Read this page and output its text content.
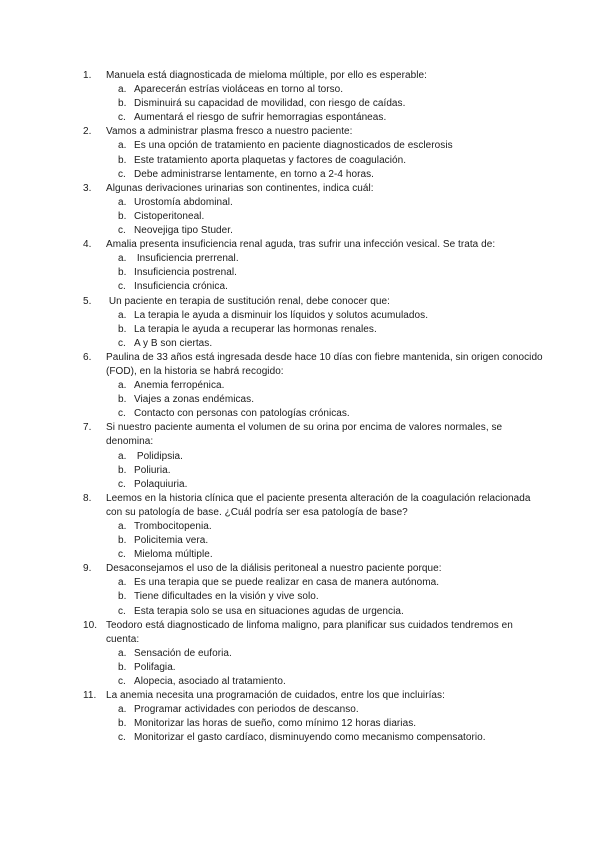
1.	Manuela está diagnosticada de mieloma múltiple, por ello es esperable:
a. Aparecerán estrías violáceas en torno al torso.
b. Disminuirá su capacidad de movilidad, con riesgo de caídas.
c. Aumentará el riesgo de sufrir hemorragias espontáneas.
2.	Vamos a administrar plasma fresco a nuestro paciente:
a. Es una opción de tratamiento en paciente diagnosticados de esclerosis
b. Este tratamiento aporta plaquetas y factores de coagulación.
c. Debe administrarse lentamente, en torno a 2-4 horas.
3.	Algunas derivaciones urinarias son continentes, indica cuál:
a. Urostomía abdominal.
b. Cistoperitoneal.
c. Neovejiga tipo Studer.
4.	Amalia presenta insuficiencia renal aguda, tras sufrir una infección vesical. Se trata de:
a. Insuficiencia prerrenal.
b. Insuficiencia postrenal.
c. Insuficiencia crónica.
5.	Un paciente en terapia de sustitución renal, debe conocer que:
a. La terapia le ayuda a disminuir los líquidos y solutos acumulados.
b. La terapia le ayuda a recuperar las hormonas renales.
c. A y B son ciertas.
6.	Paulina de 33 años está ingresada desde hace 10 días con fiebre mantenida, sin origen conocido (FOD), en la historia se habrá recogido:
a. Anemia ferropénica.
b. Viajes a zonas endémicas.
c. Contacto con personas con patologías crónicas.
7.	Si nuestro paciente aumenta el volumen de su orina por encima de valores normales, se denomina:
a. Polidipsia.
b. Poliuria.
c. Polaquiuria.
8.	Leemos en la historia clínica que el paciente presenta alteración de la coagulación relacionada con su patología de base. ¿Cuál podría ser esa patología de base?
a. Trombocitopenia.
b. Policitemia vera.
c. Mieloma múltiple.
9.	Desaconsejamos el uso de la diálisis peritoneal a nuestro paciente porque:
a. Es una terapia que se puede realizar en casa de manera autónoma.
b. Tiene dificultades en la visión y vive solo.
c. Esta terapia solo se usa en situaciones agudas de urgencia.
10. Teodoro está diagnosticado de linfoma maligno, para planificar sus cuidados tendremos en cuenta:
a. Sensación de euforia.
b. Polifagia.
c. Alopecia, asociado al tratamiento.
11. La anemia necesita una programación de cuidados, entre los que incluirías:
a. Programar actividades con periodos de descanso.
b. Monitorizar las horas de sueño, como mínimo 12 horas diarias.
c. Monitorizar el gasto cardíaco, disminuyendo como mecanismo compensatorio.
